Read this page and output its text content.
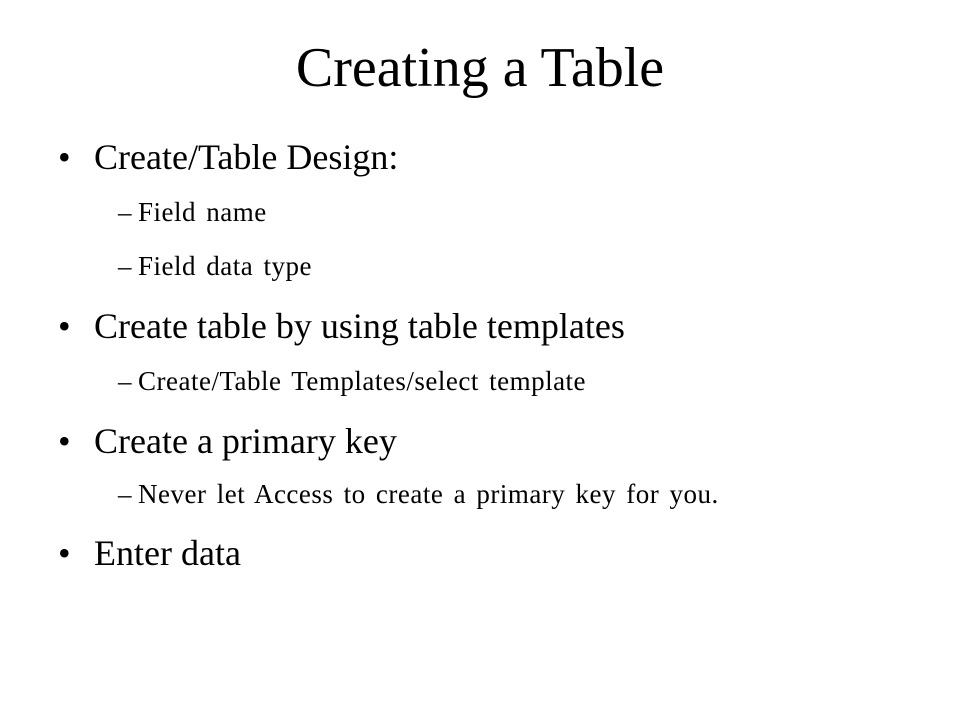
Creating a Table
• Create/Table Design:
– Field name
– Field data type
• Create table by using table templates
– Create/Table Templates/select template
• Create a primary key
– Never let Access to create a primary key for you.
• Enter data
